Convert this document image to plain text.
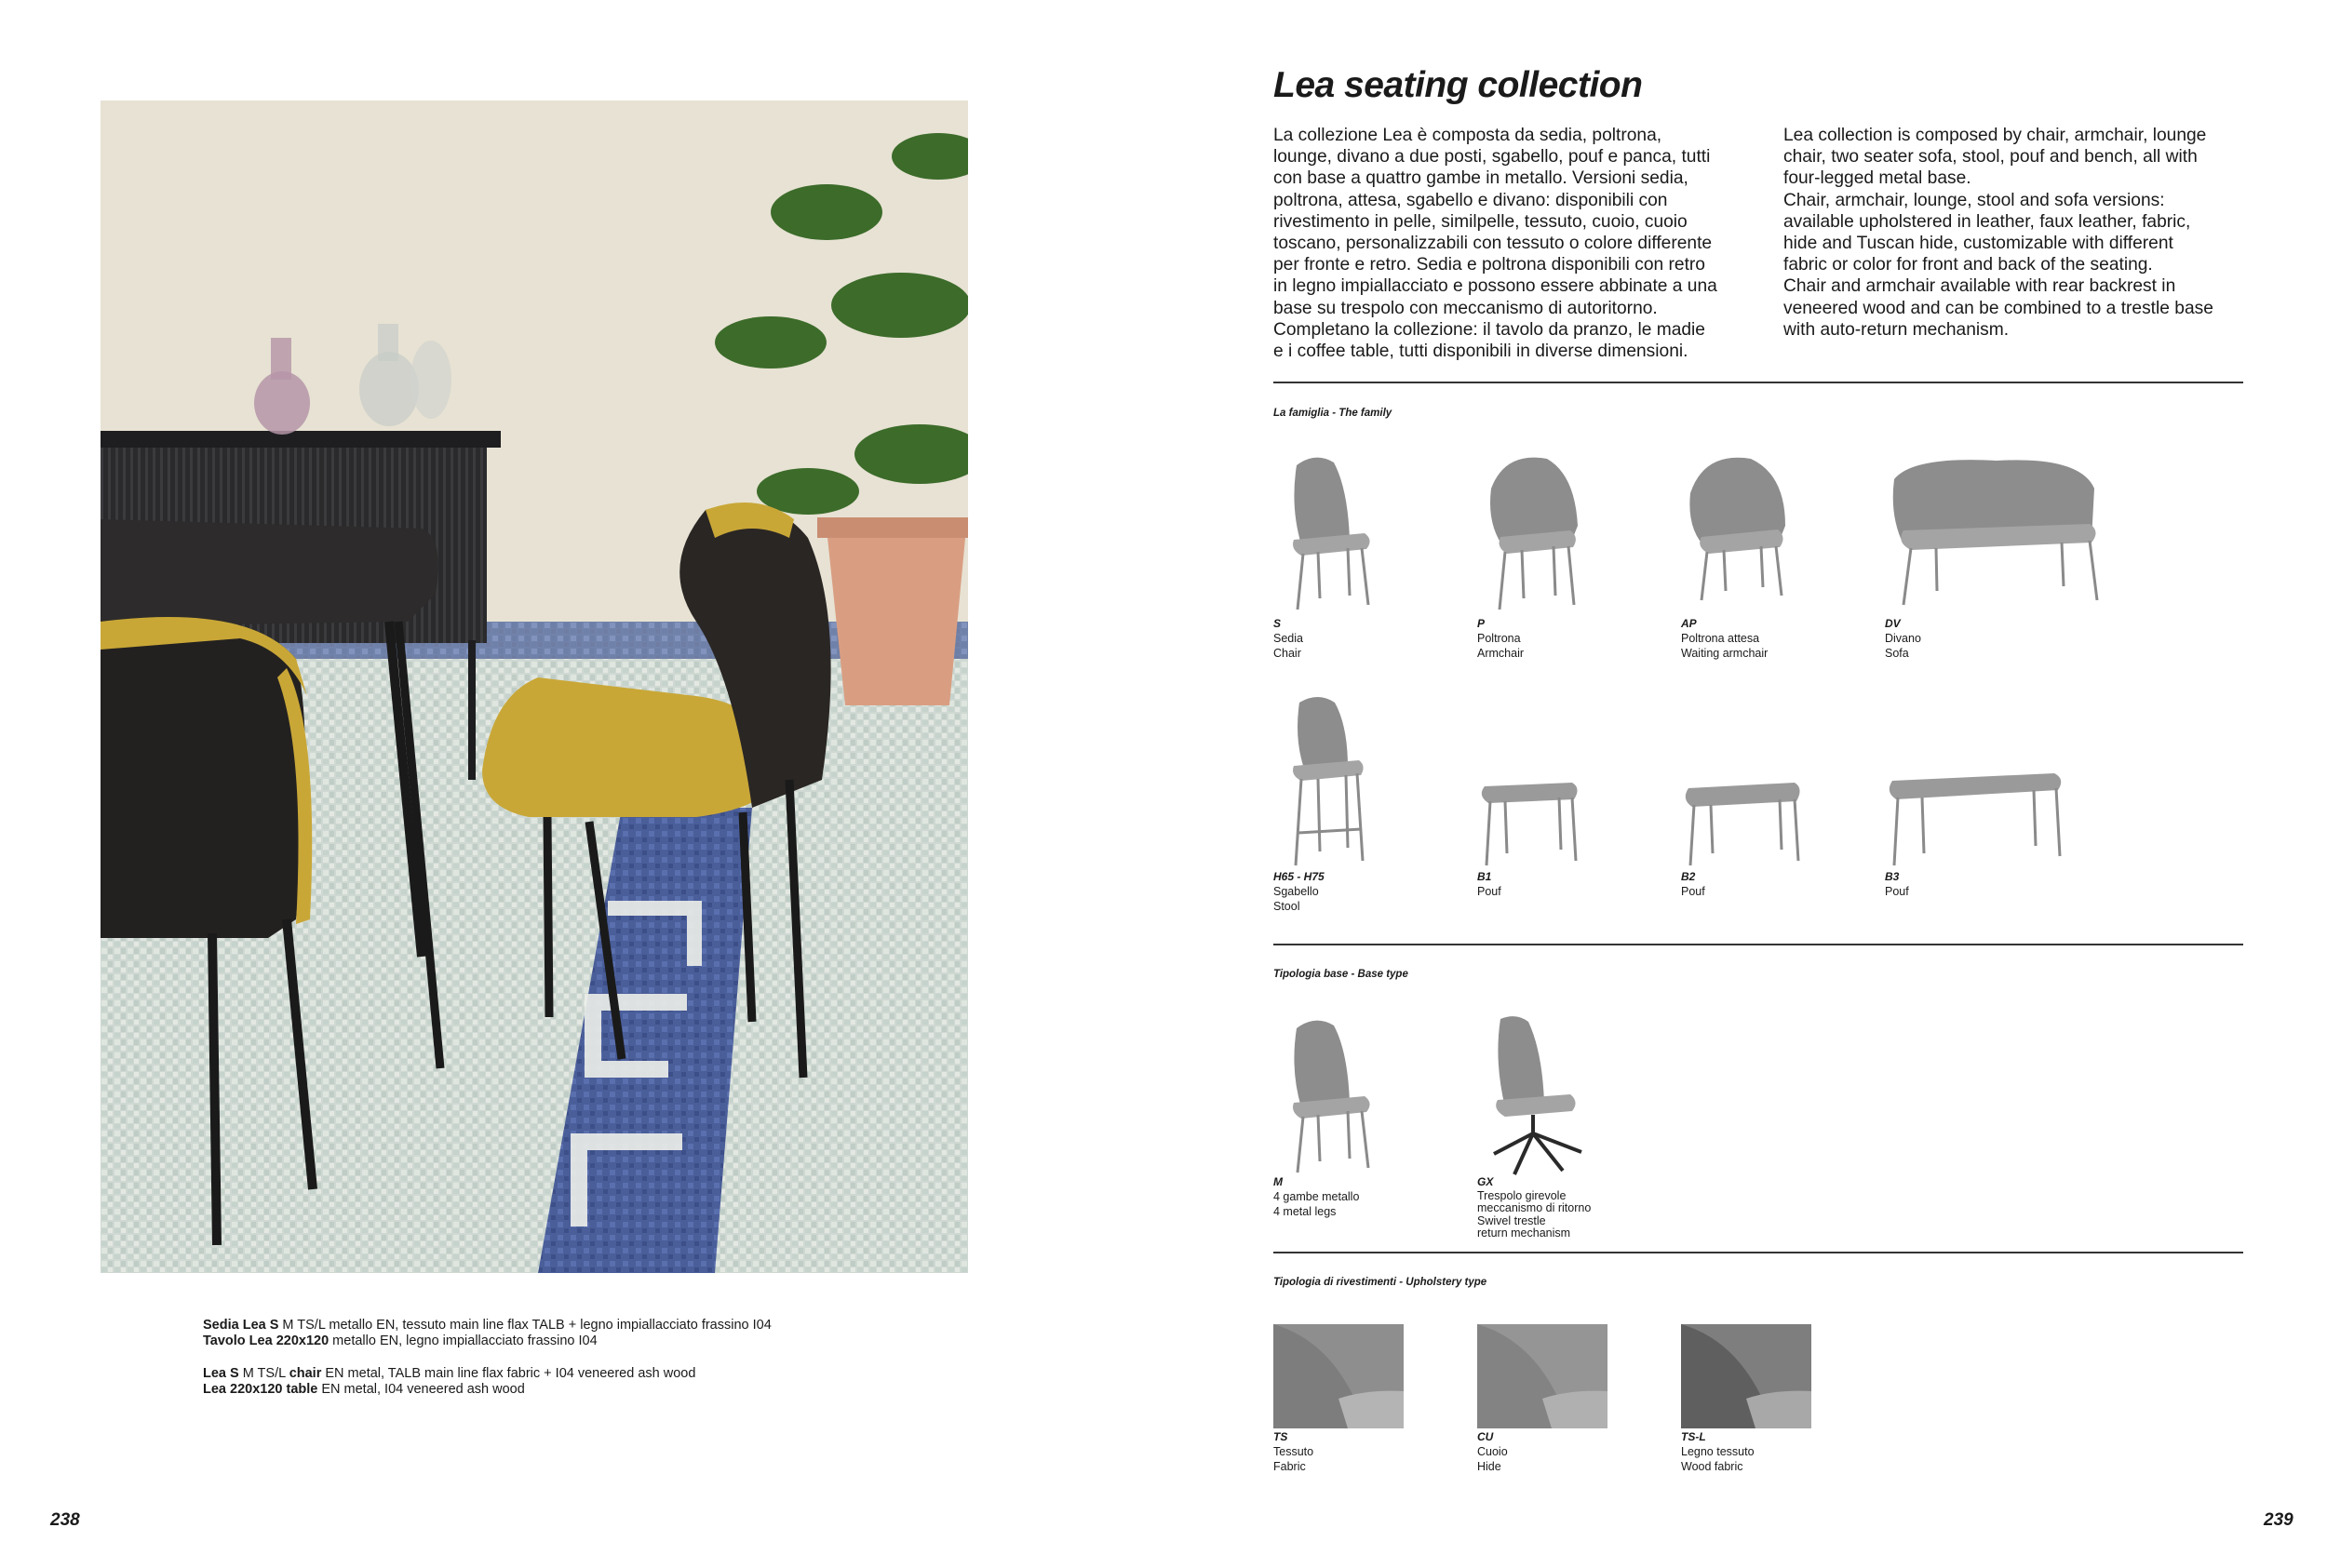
Sedia Lea S M TS/L metallo EN, tessuto main line flax TALB + legno impiallacciato frassino I04
Tavolo Lea 220x120 metallo EN, legno impiallacciato frassino I04
Lea S M TS/L chair EN metal, TALB main line flax fabric + I04 veneered ash wood
Lea 220x120 table EN metal, I04 veneered ash wood
238
Lea seating collection

La collezione Lea è composta da sedia, poltrona,
lounge, divano a due posti, sgabello, pouf e panca, tutti
con base a quattro gambe in metallo. Versioni sedia,
poltrona, attesa, sgabello e divano: disponibili con
rivestimento in pelle, similpelle, tessuto, cuoio, cuoio
toscano, personalizzabili con tessuto o colore differente
per fronte e retro. Sedia e poltrona disponibili con retro
in legno impiallacciato e possono essere abbinate a una
base su trespolo con meccanismo di autoritorno.
Completano la collezione: il tavolo da pranzo, le madie
e i coffee table, tutti disponibili in diverse dimensioni.

Lea collection is composed by chair, armchair, lounge
chair, two seater sofa, stool, pouf and bench, all with
four-legged metal base.
Chair, armchair, lounge, stool and sofa versions:
available upholstered in leather, faux leather, fabric,
hide and Tuscan hide, customizable with different
fabric or color for front and back of the seating.
Chair and armchair available with rear backrest in
veneered wood and can be combined to a trestle base
with auto-return mechanism.

La famiglia - The family
S
Sedia
Chair
P
Poltrona
Armchair
AP
Poltrona attesa
Waiting armchair
DV
Divano
Sofa
H65 - H75
Sgabello
Stool
B1
Pouf
B2
Pouf
B3
Pouf
Tipologia base - Base type
M
4 gambe metallo
4 metal legs
GX
Trespolo girevole
meccanismo di ritorno
Swivel trestle
return mechanism
Tipologia di rivestimenti - Upholstery type
TS
Tessuto
Fabric
CU
Cuoio
Hide
TS-L
Legno tessuto
Wood fabric
239
